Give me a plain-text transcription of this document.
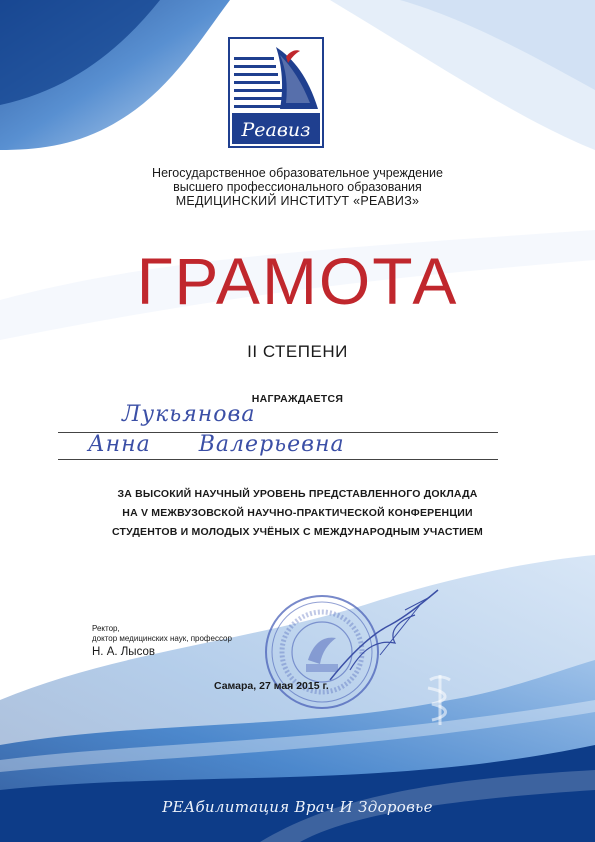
Реавиз
Негосударственное образовательное учреждение
высшего профессионального образования
МЕДИЦИНСКИЙ ИНСТИТУТ «РЕАВИЗ»
ГРАМОТА
II СТЕПЕНИ
НАГРАЖДАЕТСЯ
Лукьянова
Анна Валерьевна
ЗА ВЫСОКИЙ НАУЧНЫЙ УРОВЕНЬ ПРЕДСТАВЛЕННОГО ДОКЛАДА
НА V МЕЖВУЗОВСКОЙ НАУЧНО-ПРАКТИЧЕСКОЙ КОНФЕРЕНЦИИ
СТУДЕНТОВ И МОЛОДЫХ УЧЁНЫХ С МЕЖДУНАРОДНЫМ УЧАСТИЕМ
Ректор,
доктор медицинских наук, профессор
Н. А. Лысов
Самара, 27 мая 2015 г.
РЕАбилитация Врач И Здоровье
